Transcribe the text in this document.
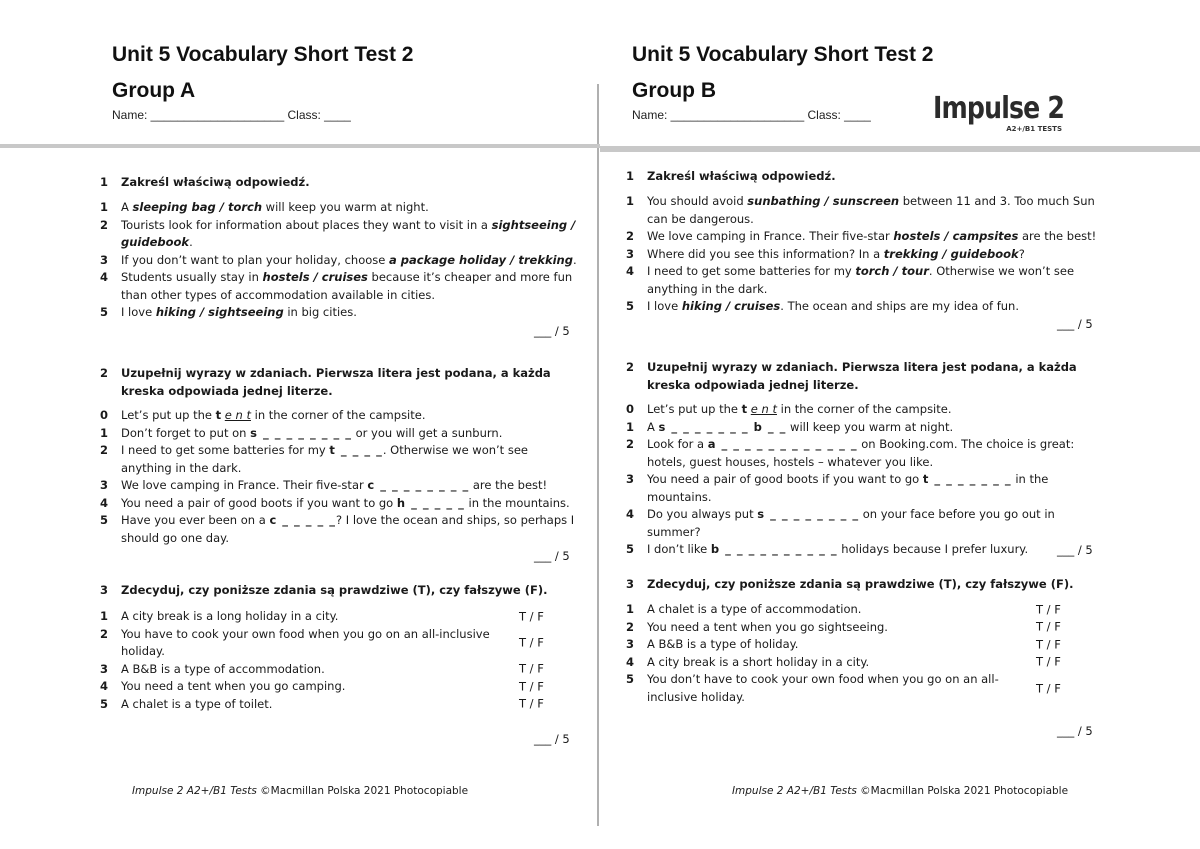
Unit 5 Vocabulary Short Test 2
Group A
Name: ____________________ Class: ____
1 Zakreśl właściwą odpowiedź.
1 A sleeping bag / torch will keep you warm at night.
2 Tourists look for information about places they want to visit in a sightseeing / guidebook.
3 If you don’t want to plan your holiday, choose a package holiday / trekking.
4 Students usually stay in hostels / cruises because it’s cheaper and more fun than other types of accommodation available in cities.
5 I love hiking / sightseeing in big cities.
___ / 5
2 Uzupełnij wyrazy w zdaniach. Pierwsza litera jest podana, a każda kreska odpowiada jednej literze.
0 Let’s put up the t e n t in the corner of the campsite.
1 Don’t forget to put on s _ _ _ _ _ _ _ _ or you will get a sunburn.
2 I need to get some batteries for my t _ _ _ _. Otherwise we won’t see anything in the dark.
3 We love camping in France. Their five-star c _ _ _ _ _ _ _ _ are the best!
4 You need a pair of good boots if you want to go h _ _ _ _ _ in the mountains.
5 Have you ever been on a c _ _ _ _ _? I love the ocean and ships, so perhaps I should go one day.
___ / 5
3 Zdecyduj, czy poniższe zdania są prawdziwe (T), czy fałszywe (F).
1 A city break is a long holiday in a city.	T / F
2 You have to cook your own food when you go on an all-inclusive holiday.
T / F
3 A B&B is a type of accommodation.	T / F
4 You need a tent when you go camping.	T / F
5 A chalet is a type of toilet.	T / F
___ / 5
Impulse 2 A2+/B1 Tests ©Macmillan Polska 2021 Photocopiable
Unit 5 Vocabulary Short Test 2
Group B
Name: ____________________ Class: ____ Impulse 2
A2+/B1 TESTS
1 Zakreśl właściwą odpowiedź.
1 You should avoid sunbathing / sunscreen between 11 and 3. Too much Sun can be dangerous.
2 We love camping in France. Their five-star hostels / campsites are the best!
3 Where did you see this information? In a trekking / guidebook?
4 I need to get some batteries for my torch / tour. Otherwise we won’t see anything in the dark.
5 I love hiking / cruises. The ocean and ships are my idea of fun.
___ / 5
2 Uzupełnij wyrazy w zdaniach. Pierwsza litera jest podana, a każda kreska odpowiada jednej literze.
0 Let’s put up the t e n t in the corner of the campsite.
1 A s _ _ _ _ _ _ _ b _ _ will keep you warm at night.
2 Look for a a _ _ _ _ _ _ _ _ _ _ _ _ on Booking.com. The choice is great: hotels, guest houses, hostels – whatever you like.
3 You need a pair of good boots if you want to go t _ _ _ _ _ _ _ in the mountains.
4 Do you always put s _ _ _ _ _ _ _ _ on your face before you go out in summer?
5 I don’t like b _ _ _ _ _ _ _ _ _ _ holidays because I prefer luxury.	___ / 5
3 Zdecyduj, czy poniższe zdania są prawdziwe (T), czy fałszywe (F).
1 A chalet is a type of accommodation.	T / F
2 You need a tent when you go sightseeing.	T / F
3 A B&B is a type of holiday.	T / F
4 A city break is a short holiday in a city.	T / F
5 You don’t have to cook your own food when you go on an all-inclusive holiday.
T / F
___ / 5
Impulse 2 A2+/B1 Tests ©Macmillan Polska 2021 Photocopiable
